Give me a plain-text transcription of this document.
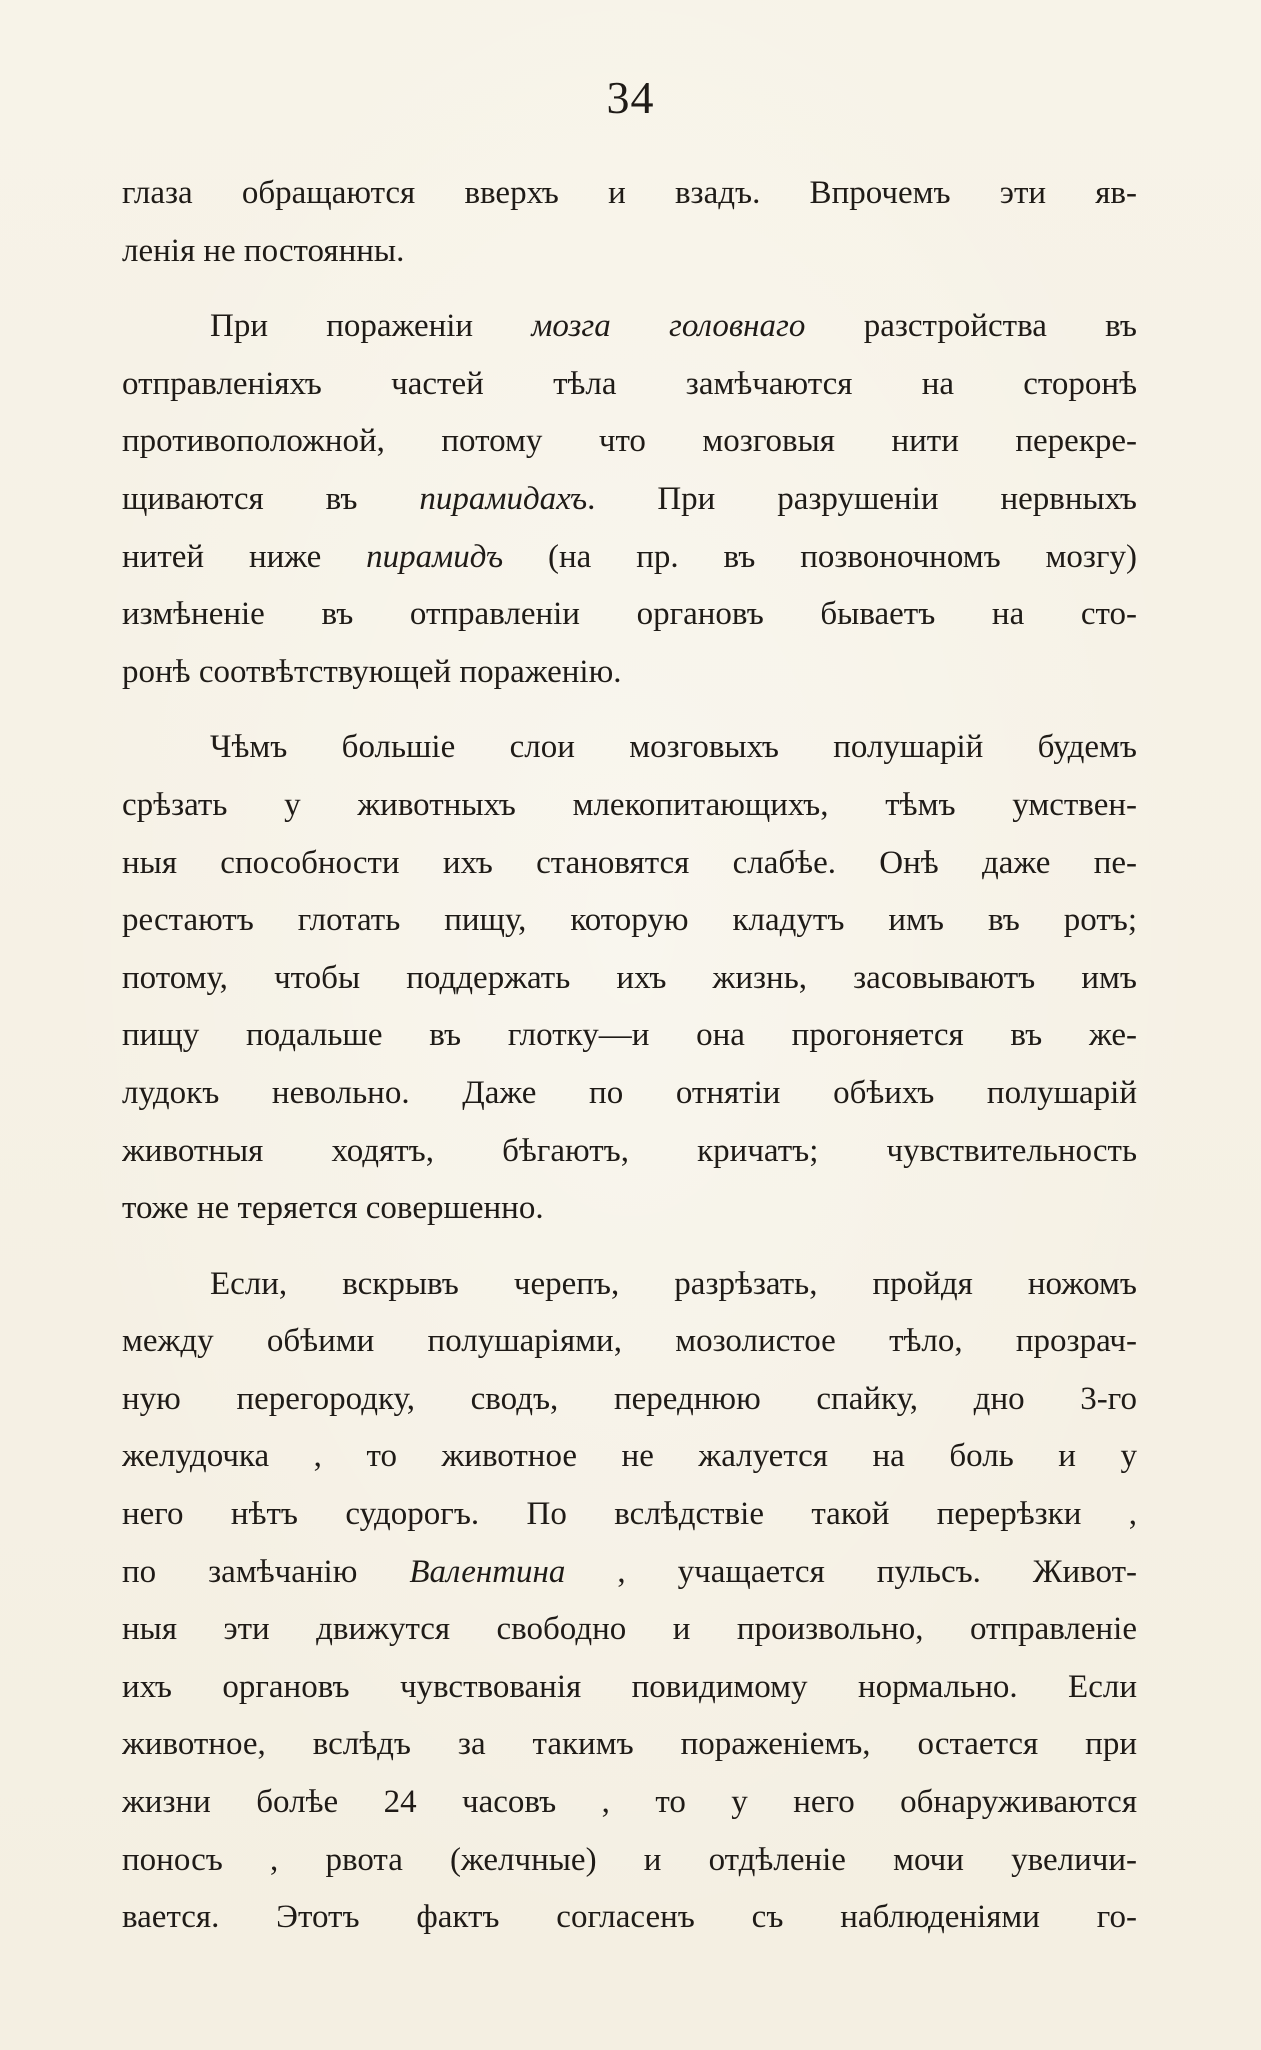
34
глаза обращаются вверхъ и взадъ. Впрочемъ эти яв-
ленія не постоянны.
При пораженіи мозга головнаго разстройства въ
отправленіяхъ частей тѣла замѣчаются на сторонѣ
противоположной, потому что мозговыя нити перекре-
щиваются въ пирамидахъ. При разрушеніи нервныхъ
нитей ниже пирамидъ (на пр. въ позвоночномъ мозгу)
измѣненіе въ отправленіи органовъ бываетъ на сто-
ронѣ соотвѣтствующей пораженію.
Чѣмъ большіе слои мозговыхъ полушарій будемъ
срѣзать у животныхъ млекопитающихъ, тѣмъ умствен-
ныя способности ихъ становятся слабѣе. Онѣ даже пе-
рестаютъ глотать пищу, которую кладутъ имъ въ ротъ;
потому, чтобы поддержать ихъ жизнь, засовываютъ имъ
пищу подальше въ глотку—и она прогоняется въ же-
лудокъ невольно. Даже по отнятіи обѣихъ полушарій
животныя ходятъ, бѣгаютъ, кричатъ; чувствительность
тоже не теряется совершенно.
Если, вскрывъ черепъ, разрѣзать, пройдя ножомъ
между обѣими полушаріями, мозолистое тѣло, прозрач-
ную перегородку, сводъ, переднюю спайку, дно 3-го
желудочка , то животное не жалуется на боль и у
него нѣтъ судорогъ. По вслѣдствіе такой перерѣзки ,
по замѣчанію Валентина , учащается пульсъ. Живот-
ныя эти движутся свободно и произвольно, отправленіе
ихъ органовъ чувствованія повидимому нормально. Если
животное, вслѣдъ за такимъ пораженіемъ, остается при
жизни болѣе 24 часовъ , то у него обнаруживаются
поносъ , рвота (желчные) и отдѣленіе мочи увеличи-
вается. Этотъ фактъ согласенъ съ наблюденіями го-
